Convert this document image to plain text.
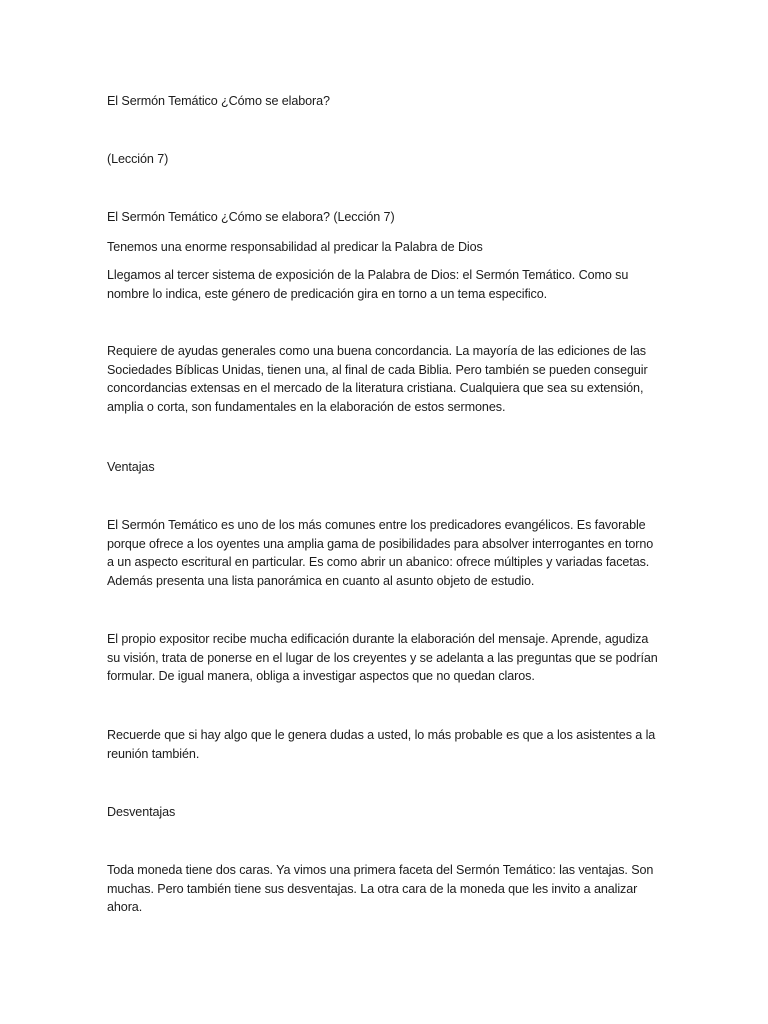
El Sermón Temático ¿Cómo se elabora?
(Lección 7)
El Sermón Temático ¿Cómo se elabora? (Lección 7)
Tenemos una enorme responsabilidad al predicar la Palabra de Dios
Llegamos al tercer sistema de exposición de la Palabra de Dios: el Sermón Temático. Como su nombre lo indica, este género de predicación gira en torno a un tema especifico.
Requiere de ayudas generales como una buena concordancia. La mayoría de las ediciones de las Sociedades Bíblicas Unidas, tienen una, al final de cada Biblia. Pero también se pueden conseguir concordancias extensas en el mercado de la literatura cristiana. Cualquiera que sea su extensión, amplia o corta, son fundamentales en la elaboración de estos sermones.
Ventajas
El Sermón Temático es uno de los más comunes entre los predicadores evangélicos. Es favorable porque ofrece a los oyentes una amplia gama de posibilidades para absolver interrogantes en torno a un aspecto escritural en particular. Es como abrir un abanico: ofrece múltiples y variadas facetas. Además presenta una lista panorámica en cuanto al asunto objeto de estudio.
El propio expositor recibe mucha edificación durante la elaboración del mensaje. Aprende, agudiza su visión, trata de ponerse en el lugar de los creyentes y se adelanta a las preguntas que se podrían formular. De igual manera, obliga a investigar aspectos que no quedan claros.
Recuerde que si hay algo que le genera dudas a usted, lo más probable es que a los asistentes a la reunión también.
Desventajas
Toda moneda tiene dos caras. Ya vimos una primera faceta del Sermón Temático: las ventajas. Son muchas. Pero también tiene sus desventajas. La otra cara de la moneda que les invito a analizar ahora.
